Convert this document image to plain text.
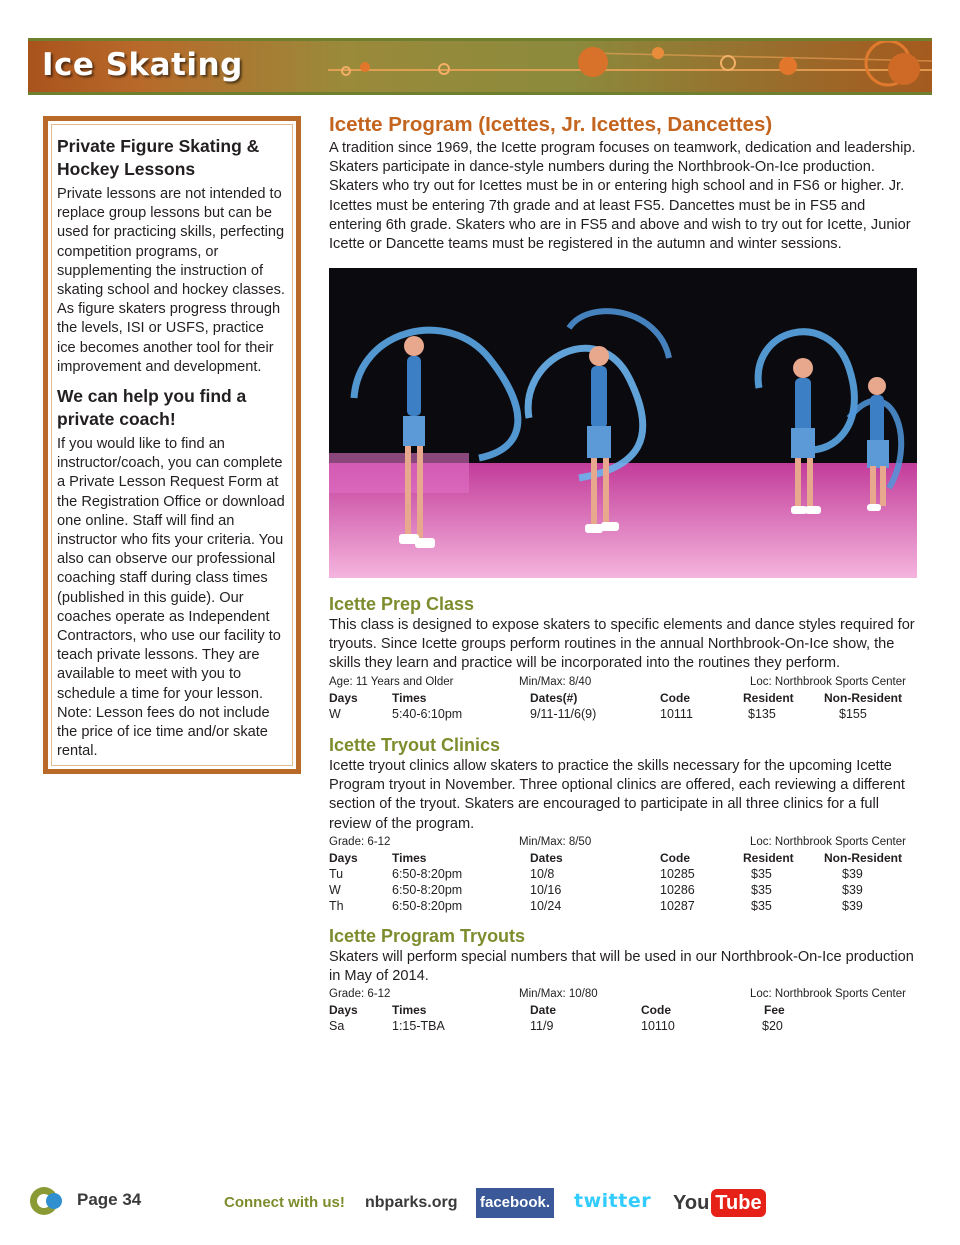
Ice Skating
Private Figure Skating & Hockey Lessons

Private lessons are not intended to replace group lessons but can be used for practicing skills, perfecting competition programs, or supplementing the instruction of skating school and hockey classes. As figure skaters progress through the levels, ISI or USFS, practice ice becomes another tool for their improvement and development.

We can help you find a private coach!

If you would like to find an instructor/coach, you can complete a Private Lesson Request Form at the Registration Office or download one online. Staff will find an instructor who fits your criteria. You also can observe our professional coaching staff during class times (published in this guide). Our coaches operate as Independent Contractors, who use our facility to teach private lessons. They are available to meet with you to schedule a time for your lesson. Note: Lesson fees do not include the price of ice time and/or skate rental.

Icette Program (Icettes, Jr. Icettes, Dancettes)

A tradition since 1969, the Icette program focuses on teamwork, dedication and leadership. Skaters participate in dance-style numbers during the Northbrook-On-Ice production. Skaters who try out for Icettes must be in or entering high school and in FS6 or higher. Jr. Icettes must be entering 7th grade and at least FS5. Dancettes must be in FS5 and entering 6th grade. Skaters who are in FS5 and above and wish to try out for Icette, Junior Icette or Dancette teams must be registered in the autumn and winter sessions.

Icette Prep Class

This class is designed to expose skaters to specific elements and dance styles required for tryouts. Since Icette groups perform routines in the annual Northbrook-On-Ice show, the skills they learn and practice will be incorporated into the routines they perform.

Age: 11 Years and Older	Min/Max: 8/40	Loc: Northbrook Sports Center
Days	Times	Dates(#)	Code	Resident	Non-Resident
W	5:40-6:10pm	9/11-11/6(9)	10111	$135	$155
Icette Tryout Clinics

Icette tryout clinics allow skaters to practice the skills necessary for the upcoming Icette Program tryout in November. Three optional clinics are offered, each reviewing a different section of the tryout. Skaters are encouraged to participate in all three clinics for a full review of the program.

Grade: 6-12	Min/Max: 8/50	Loc: Northbrook Sports Center
Days	Times	Dates	Code	Resident	Non-Resident
Tu	6:50-8:20pm	10/8	10285	$35	$39
W	6:50-8:20pm	10/16	10286	$35	$39
Th	6:50-8:20pm	10/24	10287	$35	$39
Icette Program Tryouts

Skaters will perform special numbers that will be used in our Northbrook-On-Ice production in May of 2014.

Grade: 6-12	Min/Max: 10/80	Loc: Northbrook Sports Center
Days	Times	Date	Code	Fee
Sa	1:15-TBA	11/9	10110	$20
Page 34	Connect with us! nbparks.org facebook. twitter You Tube
